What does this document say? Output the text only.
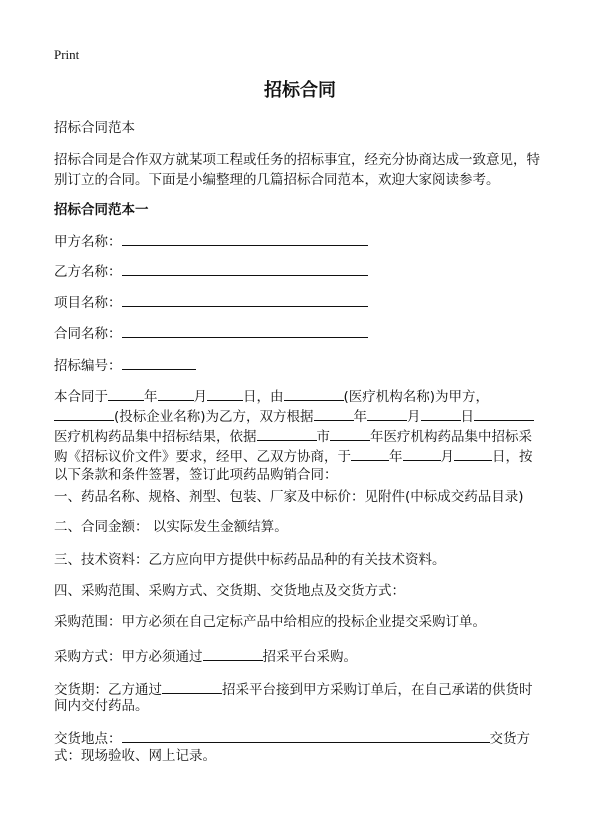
Print
招标合同
招标合同范本
招标合同是合作双方就某项工程或任务的招标事宜，经充分协商达成一致意见，特
别订立的合同。下面是小编整理的几篇招标合同范本，欢迎大家阅读参考。
招标合同范本一
甲方名称：
乙方名称：
项目名称：
合同名称：
招标编号：
本合同于	年	月	日，由	(医疗机构名称)为甲方，
(投标企业名称)为乙方，双方根据	年	月	日
医疗机构药品集中招标结果，依据	市	年医疗机构药品集中招标采
购《招标议价文件》要求，经甲、乙双方协商，于	年	月	日，按
以下条款和条件签署，签订此项药品购销合同：
一、药品名称、规格、剂型、包装、厂家及中标价：见附件(中标成交药品目录)
二、合同金额： 以实际发生金额结算。
三、技术资料：乙方应向甲方提供中标药品品种的有关技术资料。
四、采购范围、采购方式、交货期、交货地点及交货方式：
采购范围：甲方必须在自己定标产品中给相应的投标企业提交采购订单。
采购方式：甲方必须通过	招采平台采购。
交货期：乙方通过	招采平台接到甲方采购订单后，在自己承诺的供货时
间内交付药品。
交货地点：	交货方
式：现场验收、网上记录。
